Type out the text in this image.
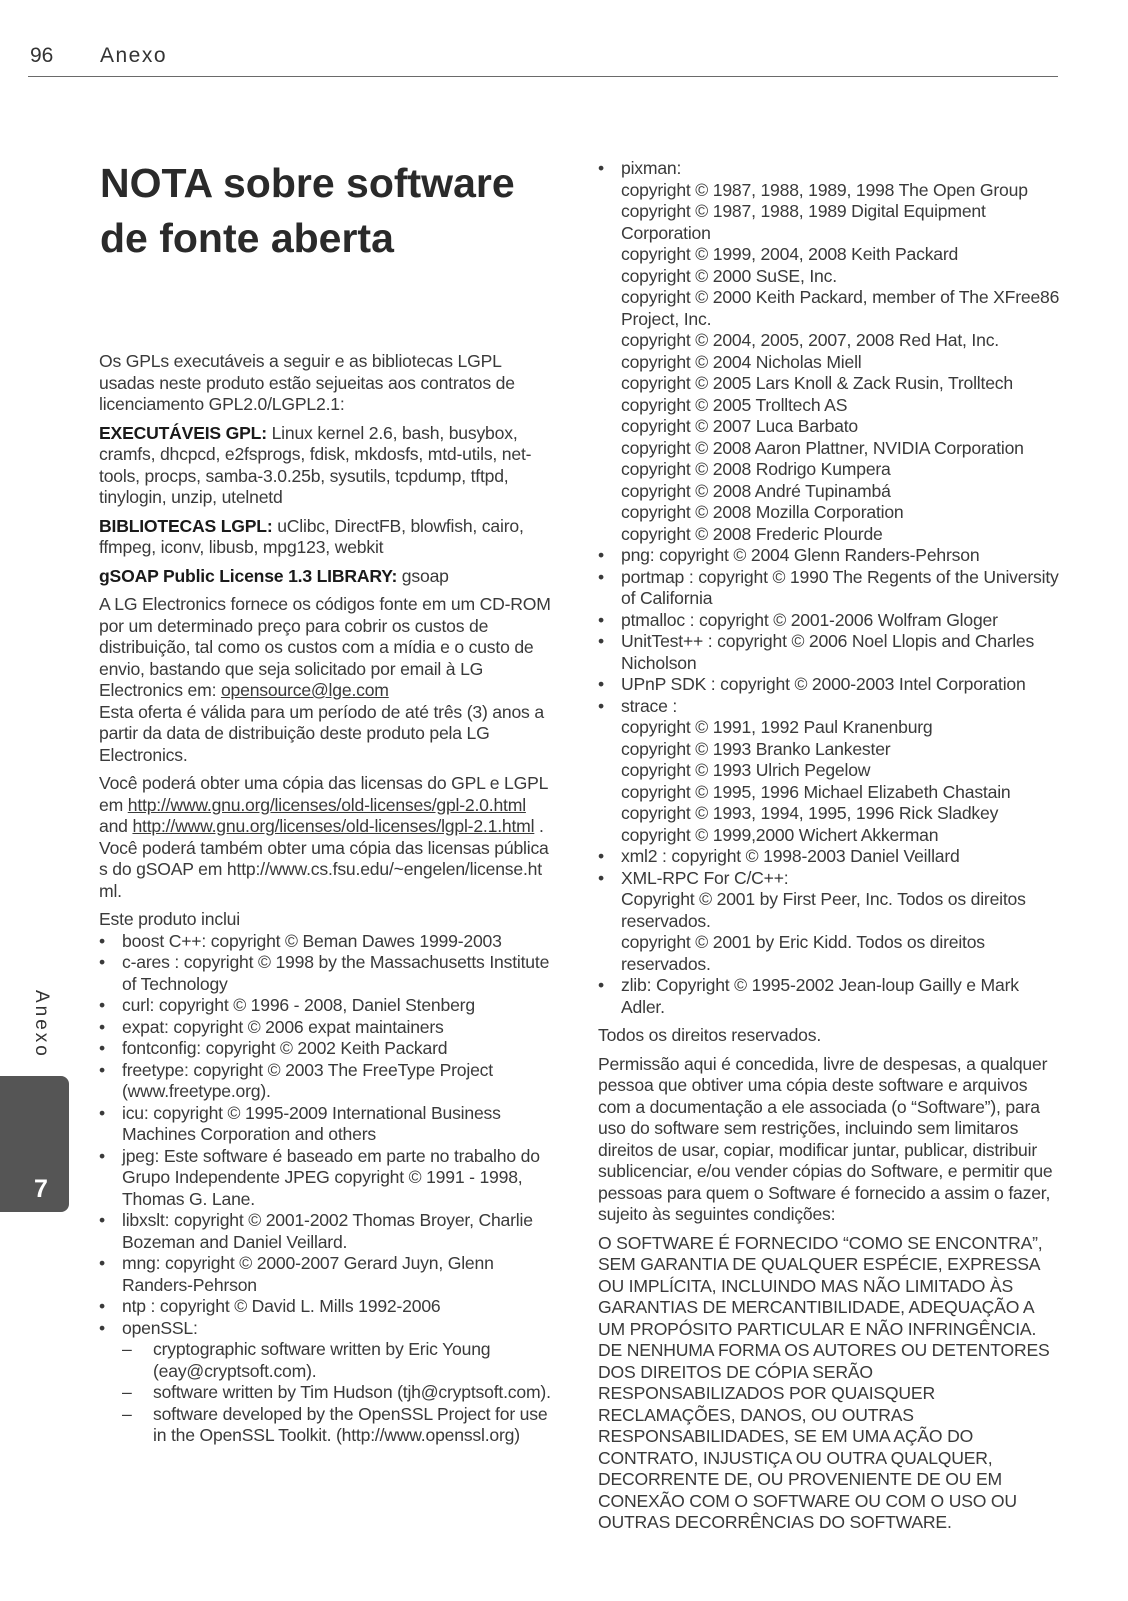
96 Anexo
NOTA sobre software
de fonte aberta

Os GPLs executáveis a seguir e as bibliotecas LGPL usadas neste produto estão sejueitas aos contratos de licenciamento GPL2.0/LGPL2.1:

EXECUTÁVEIS GPL: Linux kernel 2.6, bash, busybox, cramfs, dhcpcd, e2fsprogs, fdisk, mkdosfs, mtd-utils, net-tools, procps, samba-3.0.25b, sysutils, tcpdump, tftpd, tinylogin, unzip, utelnetd

BIBLIOTECAS LGPL: uClibc, DirectFB, blowfish, cairo, ffmpeg, iconv, libusb, mpg123, webkit

gSOAP Public License 1.3 LIBRARY: gsoap

A LG Electronics fornece os códigos fonte em um CD-ROM por um determinado preço para cobrir os custos de distribuição, tal como os custos com a mídia e o custo de envio, bastando que seja solicitado por email à LG Electronics em: opensource@lge.com

Esta oferta é válida para um período de até três (3) anos a partir da data de distribuição deste produto pela LG Electronics.

Você poderá obter uma cópia das licensas do GPL e LGPL em http://www.gnu.org/licenses/old-licenses/gpl-2.0.html and http://www.gnu.org/licenses/old-licenses/lgpl-2.1.html .

Você poderá também obter uma cópia das licensas públicas do gSOAP em http://www.cs.fsu.edu/~engelen/license.html.

Este produto inclui

• boost C++: copyright © Beman Dawes 1999-2003
• c-ares : copyright © 1998 by the Massachusetts Institute of Technology
• curl: copyright © 1996 - 2008, Daniel Stenberg
• expat: copyright © 2006 expat maintainers
• fontconfig: copyright © 2002 Keith Packard
• freetype: copyright © 2003 The FreeType Project (www.freetype.org).
• icu: copyright © 1995-2009 International Business Machines Corporation and others
• jpeg: Este software é baseado em parte no trabalho do Grupo Independente JPEG copyright © 1991 - 1998, Thomas G. Lane.
• libxslt: copyright © 2001-2002 Thomas Broyer, Charlie Bozeman and Daniel Veillard.
• mng: copyright © 2000-2007 Gerard Juyn, Glenn Randers-Pehrson
• ntp : copyright © David L. Mills 1992-2006
• openSSL:
– cryptographic software written by Eric Young (eay@cryptsoft.com).
– software written by Tim Hudson (tjh@cryptsoft.com).
– software developed by the OpenSSL Project for use in the OpenSSL Toolkit. (http://www.openssl.org)
• pixman:
copyright © 1987, 1988, 1989, 1998 The Open Group
copyright © 1987, 1988, 1989 Digital Equipment Corporation
copyright © 1999, 2004, 2008 Keith Packard
copyright © 2000 SuSE, Inc.
copyright © 2000 Keith Packard, member of The XFree86 Project, Inc.
copyright © 2004, 2005, 2007, 2008 Red Hat, Inc.
copyright © 2004 Nicholas Miell
copyright © 2005 Lars Knoll & Zack Rusin, Trolltech
copyright © 2005 Trolltech AS
copyright © 2007 Luca Barbato
copyright © 2008 Aaron Plattner, NVIDIA Corporation
copyright © 2008 Rodrigo Kumpera
copyright © 2008 André Tupinambá
copyright © 2008 Mozilla Corporation
copyright © 2008 Frederic Plourde
• png: copyright © 2004 Glenn Randers-Pehrson
• portmap : copyright © 1990 The Regents of the University of California
• ptmalloc : copyright © 2001-2006 Wolfram Gloger
• UnitTest++ : copyright © 2006 Noel Llopis and Charles Nicholson
• UPnP SDK : copyright © 2000-2003 Intel Corporation
• strace :
copyright © 1991, 1992 Paul Kranenburg
copyright © 1993 Branko Lankester
copyright © 1993 Ulrich Pegelow
copyright © 1995, 1996 Michael Elizabeth Chastain
copyright © 1993, 1994, 1995, 1996 Rick Sladkey
copyright © 1999,2000 Wichert Akkerman
• xml2 : copyright © 1998-2003 Daniel Veillard
• XML-RPC For C/C++:
Copyright © 2001 by First Peer, Inc. Todos os direitos reservados.
copyright © 2001 by Eric Kidd. Todos os direitos reservados.
• zlib: Copyright © 1995-2002 Jean-loup Gailly e Mark Adler.

Todos os direitos reservados.

Permissão aqui é concedida, livre de despesas, a qualquer pessoa que obtiver uma cópia deste software e arquivos com a documentação a ele associada (o “Software”), para uso do software sem restrições, incluindo sem limitaros direitos de usar, copiar, modificar juntar, publicar, distribuir sublicenciar, e/ou vender cópias do Software, e permitir que pessoas para quem o Software é fornecido a assim o fazer, sujeito às seguintes condições:

O SOFTWARE É FORNECIDO “COMO SE ENCONTRA”, SEM GARANTIA DE QUALQUER ESPÉCIE, EXPRESSA OU IMPLÍCITA, INCLUINDO MAS NÃO LIMITADO ÀS GARANTIAS DE MERCANTIBILIDADE, ADEQUAÇÃO A UM PROPÓSITO PARTICULAR E NÃO INFRINGÊNCIA. DE NENHUMA FORMA OS AUTORES OU DETENTORES DOS DIREITOS DE CÓPIA SERÃO RESPONSABILIZADOS POR QUAISQUER RECLAMAÇÕES, DANOS, OU OUTRAS RESPONSABILIDADES, SE EM UMA AÇÃO DO CONTRATO, INJUSTIÇA OU OUTRA QUALQUER, DECORRENTE DE, OU PROVENIENTE DE OU EM CONEXÃO COM O SOFTWARE OU COM O USO OU OUTRAS DECORRÊNCIAS DO SOFTWARE.

Anexo
7
